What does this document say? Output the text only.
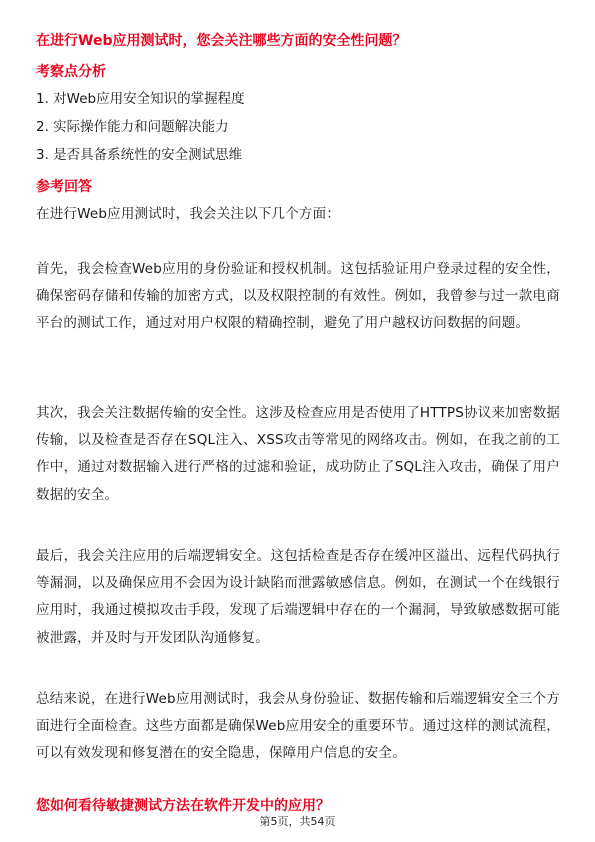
在进行Web应用测试时，您会关注哪些方面的安全性问题？
考察点分析
1. 对Web应用安全知识的掌握程度
2. 实际操作能力和问题解决能力
3. 是否具备系统性的安全测试思维
参考回答
在进行Web应用测试时，我会关注以下几个方面：
首先，我会检查Web应用的身份验证和授权机制。这包括验证用户登录过程的安全性，确保密码存储和传输的加密方式，以及权限控制的有效性。例如，我曾参与过一款电商平台的测试工作，通过对用户权限的精确控制，避免了用户越权访问数据的问题。
其次，我会关注数据传输的安全性。这涉及检查应用是否使用了HTTPS协议来加密数据传输，以及检查是否存在SQL注入、XSS攻击等常见的网络攻击。例如，在我之前的工作中，通过对数据输入进行严格的过滤和验证，成功防止了SQL注入攻击，确保了用户数据的安全。
最后，我会关注应用的后端逻辑安全。这包括检查是否存在缓冲区溢出、远程代码执行等漏洞，以及确保应用不会因为设计缺陷而泄露敏感信息。例如，在测试一个在线银行应用时，我通过模拟攻击手段，发现了后端逻辑中存在的一个漏洞，导致敏感数据可能被泄露，并及时与开发团队沟通修复。
总结来说，在进行Web应用测试时，我会从身份验证、数据传输和后端逻辑安全三个方面进行全面检查。这些方面都是确保Web应用安全的重要环节。通过这样的测试流程，可以有效发现和修复潜在的安全隐患，保障用户信息的安全。
您如何看待敏捷测试方法在软件开发中的应用？
第5页，共54页
